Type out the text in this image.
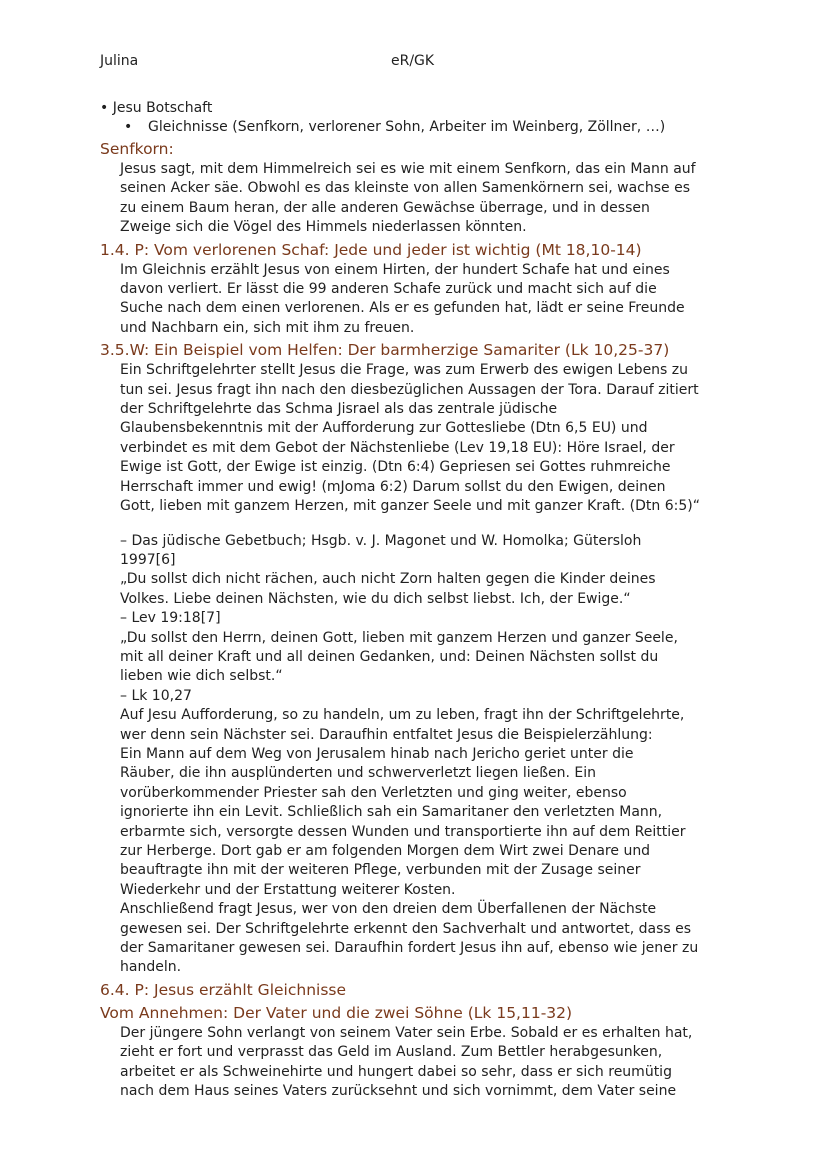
Julina	eR/GK
• Jesu Botschaft
• Gleichnisse (Senfkorn, verlorener Sohn, Arbeiter im Weinberg, Zöllner, …)
Senfkorn:
Jesus sagt, mit dem Himmelreich sei es wie mit einem Senfkorn, das ein Mann auf
seinen Acker säe. Obwohl es das kleinste von allen Samenkörnern sei, wachse es
zu einem Baum heran, der alle anderen Gewächse überrage, und in dessen
Zweige sich die Vögel des Himmels niederlassen könnten.
1.4. P: Vom verlorenen Schaf: Jede und jeder ist wichtig (Mt 18,10-14)
Im Gleichnis erzählt Jesus von einem Hirten, der hundert Schafe hat und eines
davon verliert. Er lässt die 99 anderen Schafe zurück und macht sich auf die
Suche nach dem einen verlorenen. Als er es gefunden hat, lädt er seine Freunde
und Nachbarn ein, sich mit ihm zu freuen.
3.5.W: Ein Beispiel vom Helfen: Der barmherzige Samariter (Lk 10,25-37)
Ein Schriftgelehrter stellt Jesus die Frage, was zum Erwerb des ewigen Lebens zu
tun sei. Jesus fragt ihn nach den diesbezüglichen Aussagen der Tora. Darauf zitiert
der Schriftgelehrte das Schma Jisrael als das zentrale jüdische
Glaubensbekenntnis mit der Aufforderung zur Gottesliebe (Dtn 6,5 EU) und
verbindet es mit dem Gebot der Nächstenliebe (Lev 19,18 EU): Höre Israel, der
Ewige ist Gott, der Ewige ist einzig. (Dtn 6:4) Gepriesen sei Gottes ruhmreiche
Herrschaft immer und ewig! (mJoma 6:2) Darum sollst du den Ewigen, deinen
Gott, lieben mit ganzem Herzen, mit ganzer Seele und mit ganzer Kraft. (Dtn 6:5)“
– Das jüdische Gebetbuch; Hsgb. v. J. Magonet und W. Homolka; Gütersloh
1997[6]
„Du sollst dich nicht rächen, auch nicht Zorn halten gegen die Kinder deines
Volkes. Liebe deinen Nächsten, wie du dich selbst liebst. Ich, der Ewige.“
– Lev 19:18[7]
„Du sollst den Herrn, deinen Gott, lieben mit ganzem Herzen und ganzer Seele,
mit all deiner Kraft und all deinen Gedanken, und: Deinen Nächsten sollst du
lieben wie dich selbst.“
– Lk 10,27
Auf Jesu Aufforderung, so zu handeln, um zu leben, fragt ihn der Schriftgelehrte,
wer denn sein Nächster sei. Daraufhin entfaltet Jesus die Beispielerzählung:
Ein Mann auf dem Weg von Jerusalem hinab nach Jericho geriet unter die
Räuber, die ihn ausplünderten und schwerverletzt liegen ließen. Ein
vorüberkommender Priester sah den Verletzten und ging weiter, ebenso
ignorierte ihn ein Levit. Schließlich sah ein Samaritaner den verletzten Mann,
erbarmte sich, versorgte dessen Wunden und transportierte ihn auf dem Reittier
zur Herberge. Dort gab er am folgenden Morgen dem Wirt zwei Denare und
beauftragte ihn mit der weiteren Pflege, verbunden mit der Zusage seiner
Wiederkehr und der Erstattung weiterer Kosten.
Anschließend fragt Jesus, wer von den dreien dem Überfallenen der Nächste
gewesen sei. Der Schriftgelehrte erkennt den Sachverhalt und antwortet, dass es
der Samaritaner gewesen sei. Daraufhin fordert Jesus ihn auf, ebenso wie jener zu
handeln.
6.4. P: Jesus erzählt Gleichnisse
Vom Annehmen: Der Vater und die zwei Söhne (Lk 15,11-32)
Der jüngere Sohn verlangt von seinem Vater sein Erbe. Sobald er es erhalten hat,
zieht er fort und verprasst das Geld im Ausland. Zum Bettler herabgesunken,
arbeitet er als Schweinehirte und hungert dabei so sehr, dass er sich reumütig
nach dem Haus seines Vaters zurücksehnt und sich vornimmt, dem Vater seine
